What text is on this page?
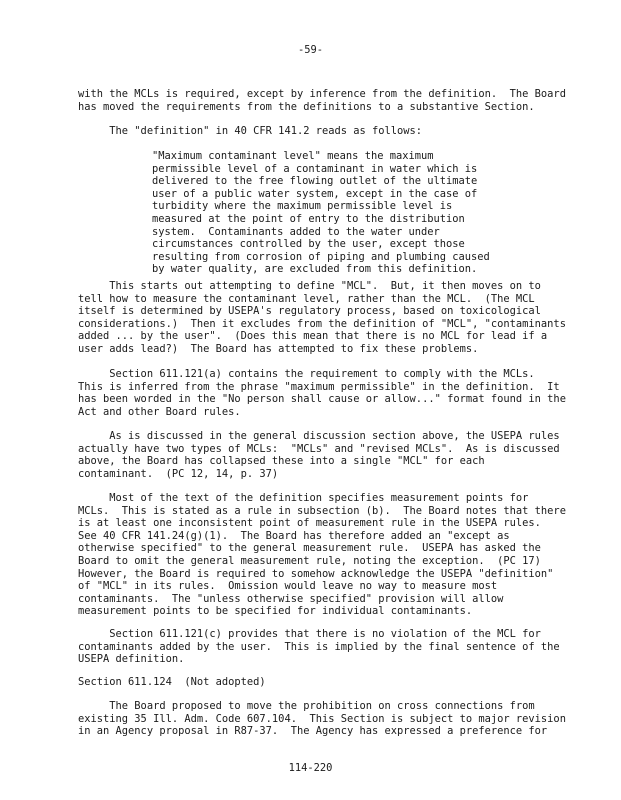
-59-
with the MCLs is required, except by inference from the definition.  The Board
has moved the requirements from the definitions to a substantive Section.
The "definition" in 40 CFR 141.2 reads as follows:
"Maximum contaminant level" means the maximum
permissible level of a contaminant in water which is
delivered to the free flowing outlet of the ultimate
user of a public water system, except in the case of
turbidity where the maximum permissible level is
measured at the point of entry to the distribution
system.  Contaminants added to the water under
circumstances controlled by the user, except those
resulting from corrosion of piping and plumbing caused
by water quality, are excluded from this definition.
This starts out attempting to define "MCL".  But, it then moves on to
tell how to measure the contaminant level, rather than the MCL.  (The MCL
itself is determined by USEPA's regulatory process, based on toxicological
considerations.)  Then it excludes from the definition of "MCL", "contaminants
added ... by the user".  (Does this mean that there is no MCL for lead if a
user adds lead?)  The Board has attempted to fix these problems.
Section 611.121(a) contains the requirement to comply with the MCLs.
This is inferred from the phrase "maximum permissible" in the definition.  It
has been worded in the "No person shall cause or allow..." format found in the
Act and other Board rules.
As is discussed in the general discussion section above, the USEPA rules
actually have two types of MCLs:  "MCLs" and "revised MCLs".  As is discussed
above, the Board has collapsed these into a single "MCL" for each
contaminant.  (PC 12, 14, p. 37)
Most of the text of the definition specifies measurement points for
MCLs.  This is stated as a rule in subsection (b).  The Board notes that there
is at least one inconsistent point of measurement rule in the USEPA rules.
See 40 CFR 141.24(g)(1).  The Board has therefore added an "except as
otherwise specified" to the general measurement rule.  USEPA has asked the
Board to omit the general measurement rule, noting the exception.  (PC 17)
However, the Board is required to somehow acknowledge the USEPA "definition"
of "MCL" in its rules.  Omission would leave no way to measure most
contaminants.  The "unless otherwise specified" provision will allow
measurement points to be specified for individual contaminants.
Section 611.121(c) provides that there is no violation of the MCL for
contaminants added by the user.  This is implied by the final sentence of the
USEPA definition.
Section 611.124  (Not adopted)
The Board proposed to move the prohibition on cross connections from
existing 35 Ill. Adm. Code 607.104.  This Section is subject to major revision
in an Agency proposal in R87-37.  The Agency has expressed a preference for
114-220
